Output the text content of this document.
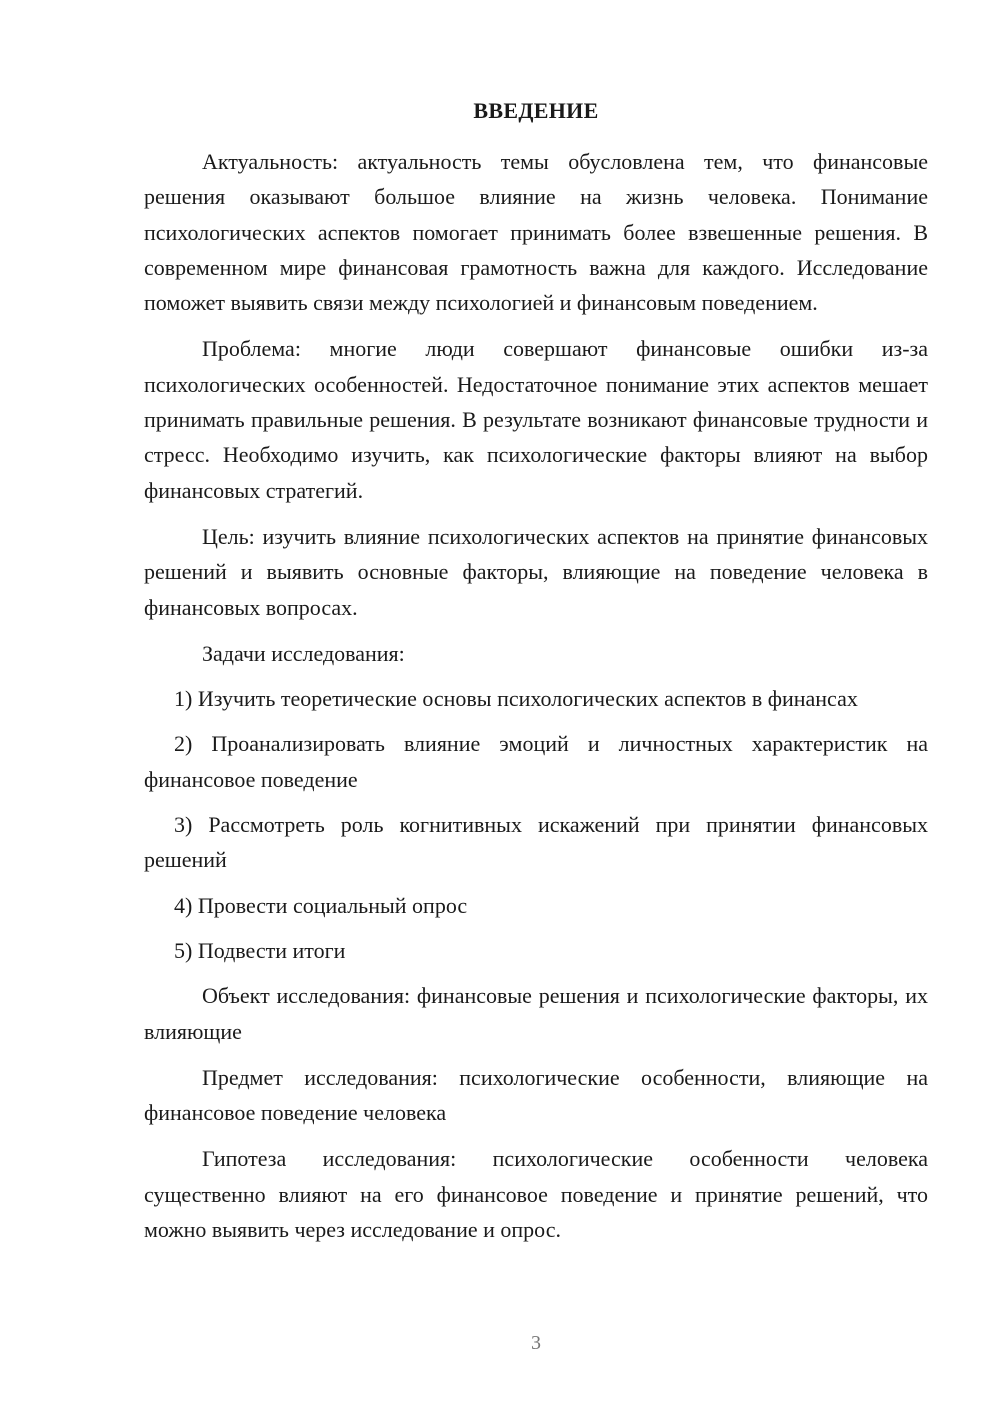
ВВЕДЕНИЕ

Актуальность: актуальность темы обусловлена тем, что финансовые решения оказывают большое влияние на жизнь человека. Понимание психологических аспектов помогает принимать более взвешенные решения. В современном мире финансовая грамотность важна для каждого. Исследование поможет выявить связи между психологией и финансовым поведением.

Проблема: многие люди совершают финансовые ошибки из-за психологических особенностей. Недостаточное понимание этих аспектов мешает принимать правильные решения. В результате возникают финансовые трудности и стресс. Необходимо изучить, как психологические факторы влияют на выбор финансовых стратегий.

Цель: изучить влияние психологических аспектов на принятие финансовых решений и выявить основные факторы, влияющие на поведение человека в финансовых вопросах.

Задачи исследования:

1) Изучить теоретические основы психологических аспектов в финансах

2) Проанализировать влияние эмоций и личностных характеристик на финансовое поведение

3) Рассмотреть роль когнитивных искажений при принятии финансовых решений

4) Провести социальный опрос

5) Подвести итоги

Объект исследования: финансовые решения и психологические факторы, их влияющие

Предмет исследования: психологические особенности, влияющие на финансовое поведение человека

Гипотеза исследования: психологические особенности человека существенно влияют на его финансовое поведение и принятие решений, что можно выявить через исследование и опрос.

3
